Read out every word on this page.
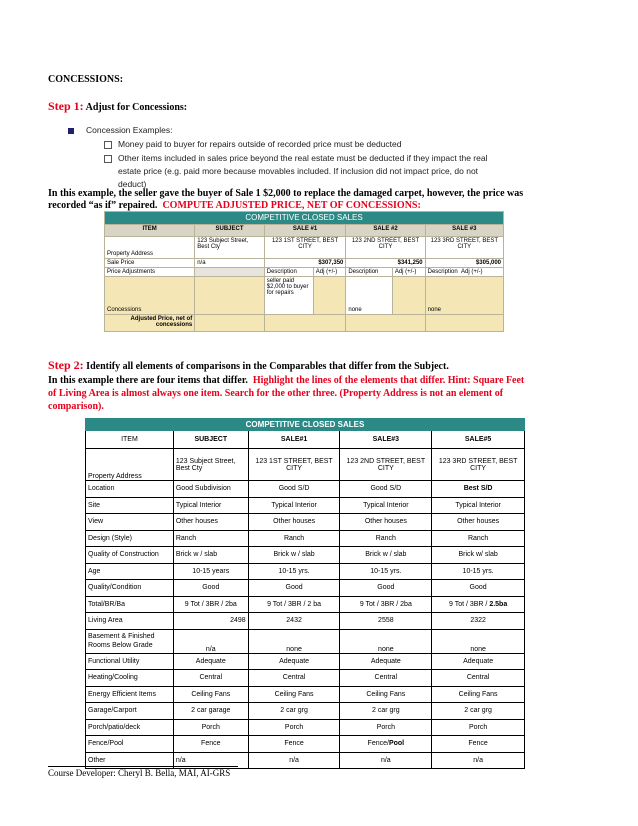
CONCESSIONS:
Step 1: Adjust for Concessions:
Concession Examples:
Money paid to buyer for repairs outside of recorded price must be deducted
Other items included in sales price beyond the real estate must be deducted if they impact the real
estate price (e.g. paid more because movables included. If inclusion did not impact price, do not
deduct)
In this example, the seller gave the buyer of Sale 1 $2,000 to replace the damaged carpet, however, the price was
recorded “as if” repaired. COMPUTE ADJUSTED PRICE, NET OF CONCESSIONS:
COMPETITIVE CLOSED SALES						
ITEM	SUBJECT	SALE #1		SALE #2		SALE #3
Property Address	123 Subject Street, Best Cty	123 1ST STREET, BEST CITY		123 2ND STREET, BEST CITY		123 3RD STREET, BEST CITY
Sale Price	n/a	$307,350		$341,250		$305,000
Price Adjustments		Description	Adj (+/-)	Description	Adj (+/-)	Description Adj (+/-)
Concessions		seller paid $2,000 to buyer for repairs		none		none
Adjusted Price, net of concessions						
Step 2: Identify all elements of comparisons in the Comparables that differ from the Subject.
In this example there are four items that differ. Highlight the lines of the elements that differ. Hint: Square Feet
of Living Area is almost always one item. Search for the other three. (Property Address is not an element of
comparison).
COMPETITIVE CLOSED SALES				
ITEM	SUBJECT	SALE#1	SALE#3	SALE#5
Property Address	123 Subject Street, Best Cty	123 1ST STREET, BEST CITY	123 2ND STREET, BEST CITY	123 3RD STREET, BEST CITY
Location	Good Subdivision	Good S/D	Good S/D	Best S/D
Site	Typical Interior	Typical Interior	Typical Interior	Typical Interior
View	Other houses	Other houses	Other houses	Other houses
Design (Style)	Ranch	Ranch	Ranch	Ranch
Quality of Construction	Brick w / slab	Brick w / slab	Brick w / slab	Brick w/ slab
Age	10-15 years	10-15 yrs.	10-15 yrs.	10-15 yrs.
Quality/Condition	Good	Good	Good	Good
Total/BR/Ba	9 Tot / 3BR / 2ba	9 Tot / 3BR / 2 ba	9 Tot / 3BR / 2ba	9 Tot / 3BR / 2.5ba
Living Area	2498	2432	2558	2322
Basement & Finished Rooms Below Grade	n/a	none	none	none
Functional Utility	Adequate	Adequate	Adequate	Adequate
Heating/Cooling	Central	Central	Central	Central
Energy Efficient Items	Ceiling Fans	Ceiling Fans	Ceiling Fans	Ceiling Fans
Garage/Carport	2 car garage	2 car grg	2 car grg	2 car grg
Porch/patio/deck	Porch	Porch	Porch	Porch
Fence/Pool	Fence	Fence	Fence/Pool	Fence
Other	n/a	n/a	n/a	n/a
Course Developer: Cheryl B. Bella, MAI, AI-GRS
